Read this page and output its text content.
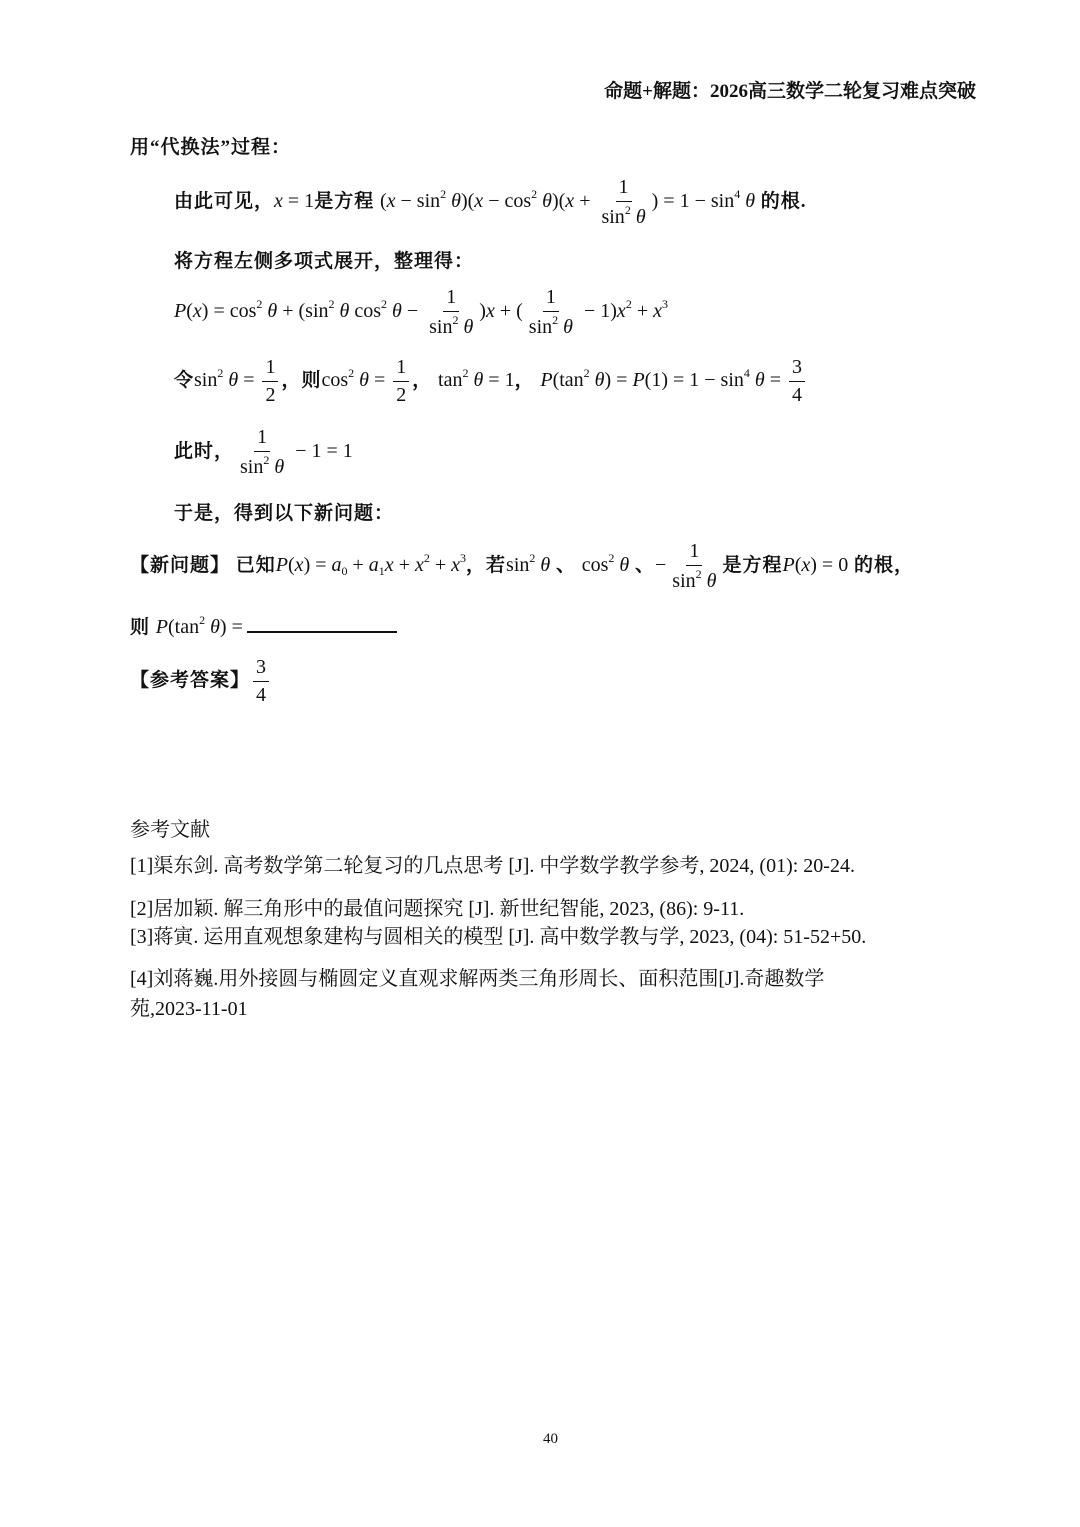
命题+解题：2026高三数学二轮复习难点突破
用“代换法”过程：
由此可见，x = 1是方程 $(x - \sin^2 \theta)(x - \cos^2 \theta)(x + \frac{1}{\sin^2 \theta}$ ) = $1 - \sin^4 \theta$ 的根.
将方程左侧多项式展开，整理得：
$P(x) = \cos^2 \theta + (\sin^2$ θ $\cos^2 \theta - \frac{1}{\sin^2 \theta} )x$ + ( $\frac{1}{\sin^2 \theta} - 1)x^2 + x^3$
令$\sin^2 \theta = \frac{1}{2}$ ，则$\cos^2 \theta = \frac{1}{2}$ ， $\tan^2 \theta = 1$， $P(\tan^2$ $\theta) = P(1) = 1 - \sin^4 \theta = \frac{3}{4}$
此时， $\frac{1}{\sin^2 \theta} - 1 = 1$
于是，得到以下新问题：
【新问题】 已知$P(x) = a_0 + a_1x + x^2 + x^3$，若$\sin^2 \theta$ 、 $\cos^2 \theta$ 、− $\frac{1}{\sin^2 \theta}$ 是方程P(x) = 0 的根，
则 $P(\tan^2$ θ) =
【参考答案】 $\frac{3}{4}$
参考文献
[1]渠东剑. 高考数学第二轮复习的几点思考 [J]. 中学数学教学参考, 2024, (01): 20-24.
[2]居加颖. 解三角形中的最值问题探究 [J]. 新世纪智能, 2023, (86): 9-11.
[3]蒋寅. 运用直观想象建构与圆相关的模型 [J]. 高中数学教与学, 2023, (04): 51-52+50.
[4]刘蒋巍.用外接圆与椭圆定义直观求解两类三角形周长、面积范围[J].奇趣数学
苑,2023-11-01
40
